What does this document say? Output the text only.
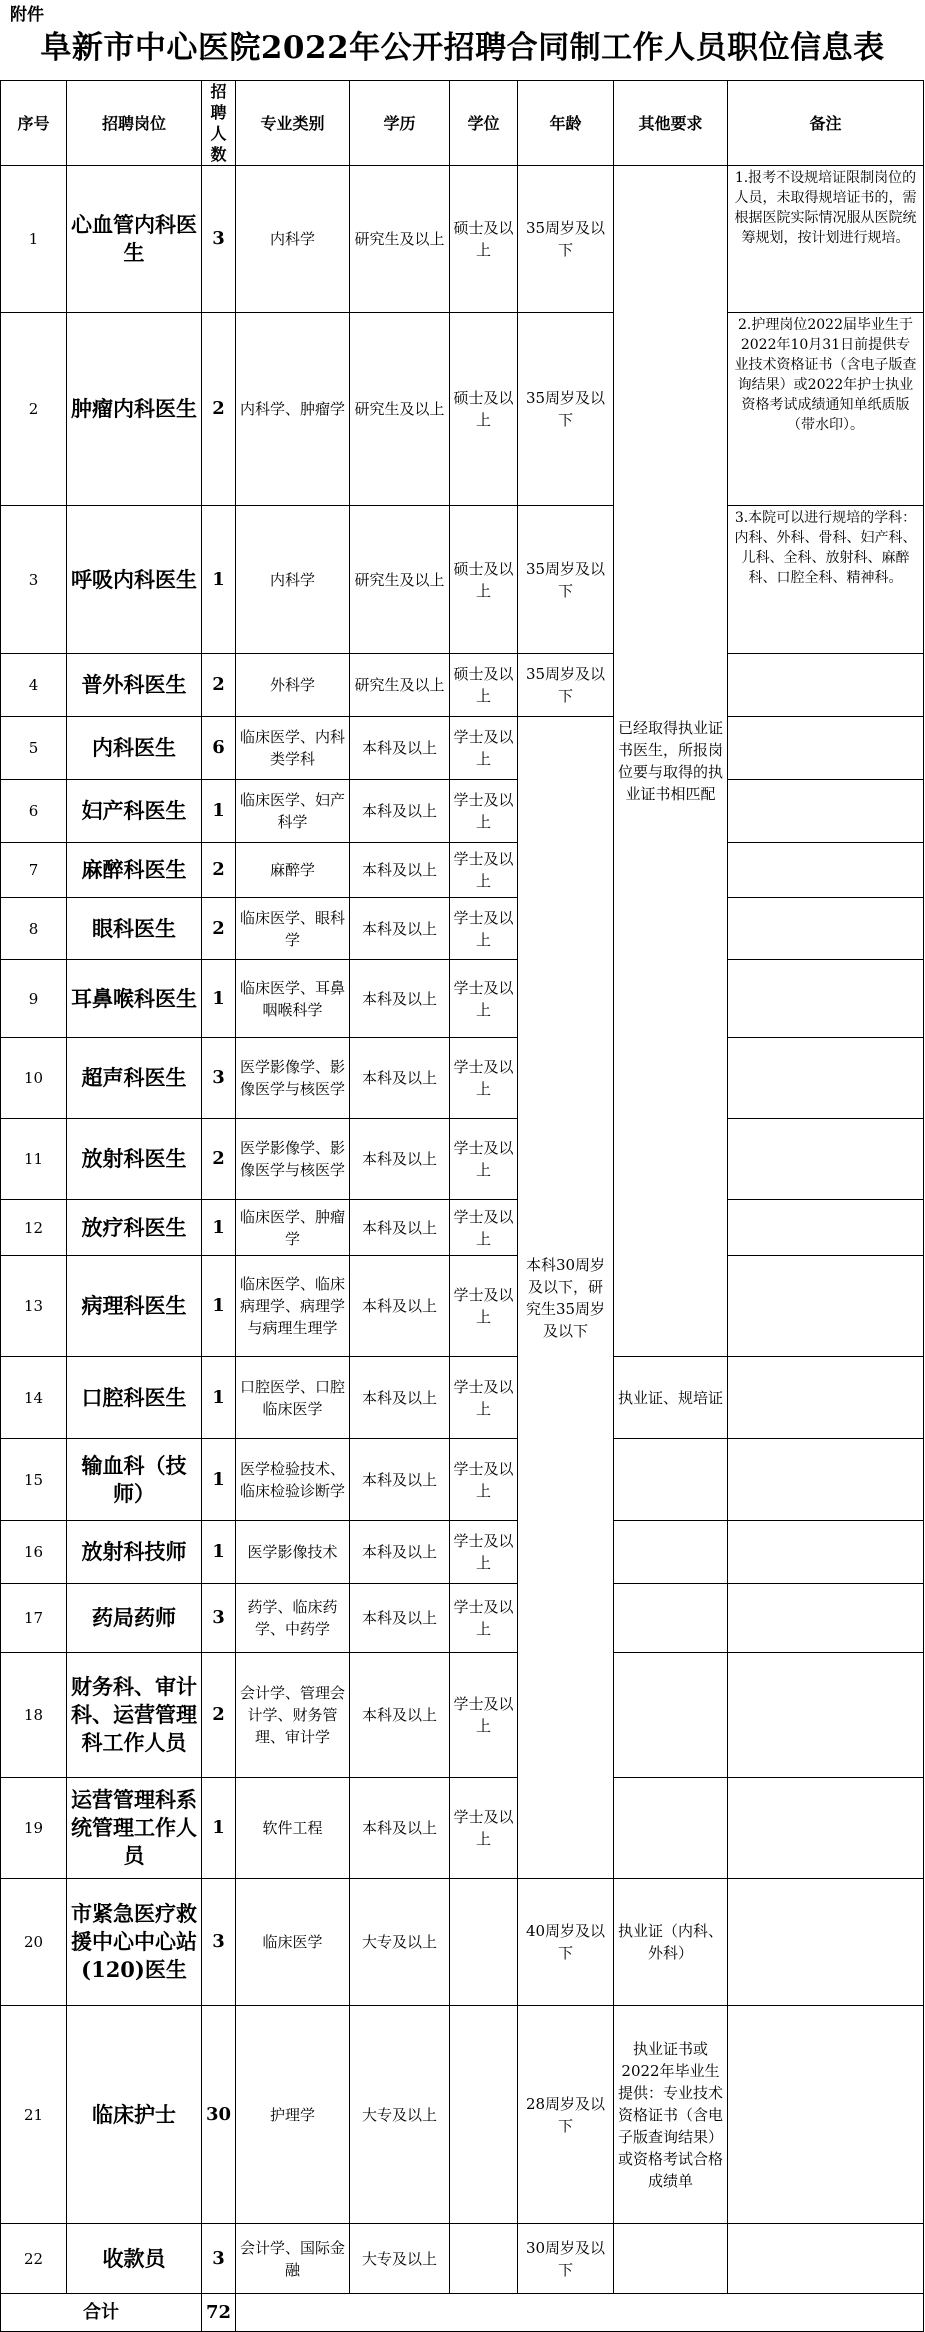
附件
阜新市中心医院2022年公开招聘合同制工作人员职位信息表
序号	招聘岗位	招聘人数	专业类别	学历	学位	年龄	其他要求	备注
1	心血管内科医生	3	内科学	研究生及以上	硕士及以上	35周岁及以下	已经取得执业证书医生，所报岗位要与取得的执业证书相匹配	1.报考不设规培证限制岗位的人员，未取得规培证书的，需根据医院实际情况服从医院统筹规划，按计划进行规培。
2	肿瘤内科医生	2	内科学、肿瘤学	研究生及以上	硕士及以上	35周岁及以下		2.护理岗位2022届毕业生于2022年10月31日前提供专业技术资格证书（含电子版查询结果）或2022年护士执业资格考试成绩通知单纸质版（带水印）。
3	呼吸内科医生	1	内科学	研究生及以上	硕士及以上	35周岁及以下		3.本院可以进行规培的学科：内科、外科、骨科、妇产科、儿科、全科、放射科、麻醉科、口腔全科、精神科。
4	普外科医生	2	外科学	研究生及以上	硕士及以上	35周岁及以下		
5	内科医生	6	临床医学、内科类学科	本科及以上	学士及以上	本科30周岁及以下，研究生35周岁及以下		
6	妇产科医生	1	临床医学、妇产科学	本科及以上	学士及以上			
7	麻醉科医生	2	麻醉学	本科及以上	学士及以上			
8	眼科医生	2	临床医学、眼科学	本科及以上	学士及以上			
9	耳鼻喉科医生	1	临床医学、耳鼻咽喉科学	本科及以上	学士及以上			
10	超声科医生	3	医学影像学、影像医学与核医学	本科及以上	学士及以上			
11	放射科医生	2	医学影像学、影像医学与核医学	本科及以上	学士及以上			
12	放疗科医生	1	临床医学、肿瘤学	本科及以上	学士及以上			
13	病理科医生	1	临床医学、临床病理学、病理学与病理生理学	本科及以上	学士及以上			
14	口腔科医生	1	口腔医学、口腔临床医学	本科及以上	学士及以上		执业证、规培证	
15	输血科（技师）	1	医学检验技术、临床检验诊断学	本科及以上	学士及以上			
16	放射科技师	1	医学影像技术	本科及以上	学士及以上			
17	药局药师	3	药学、临床药学、中药学	本科及以上	学士及以上			
18	财务科、审计科、运营管理科工作人员	2	会计学、管理会计学、财务管理、审计学	本科及以上	学士及以上			
19	运营管理科系统管理工作人员	1	软件工程	本科及以上	学士及以上			
20	市紧急医疗救援中心中心站(120)医生	3	临床医学	大专及以上		40周岁及以下	执业证（内科、外科）	
21	临床护士	30	护理学	大专及以上		28周岁及以下	执业证书或2022年毕业生提供：专业技术资格证书（含电子版查询结果）或资格考试合格成绩单	
22	收款员	3	会计学、国际金融	大专及以上		30周岁及以下		
合计		72						
